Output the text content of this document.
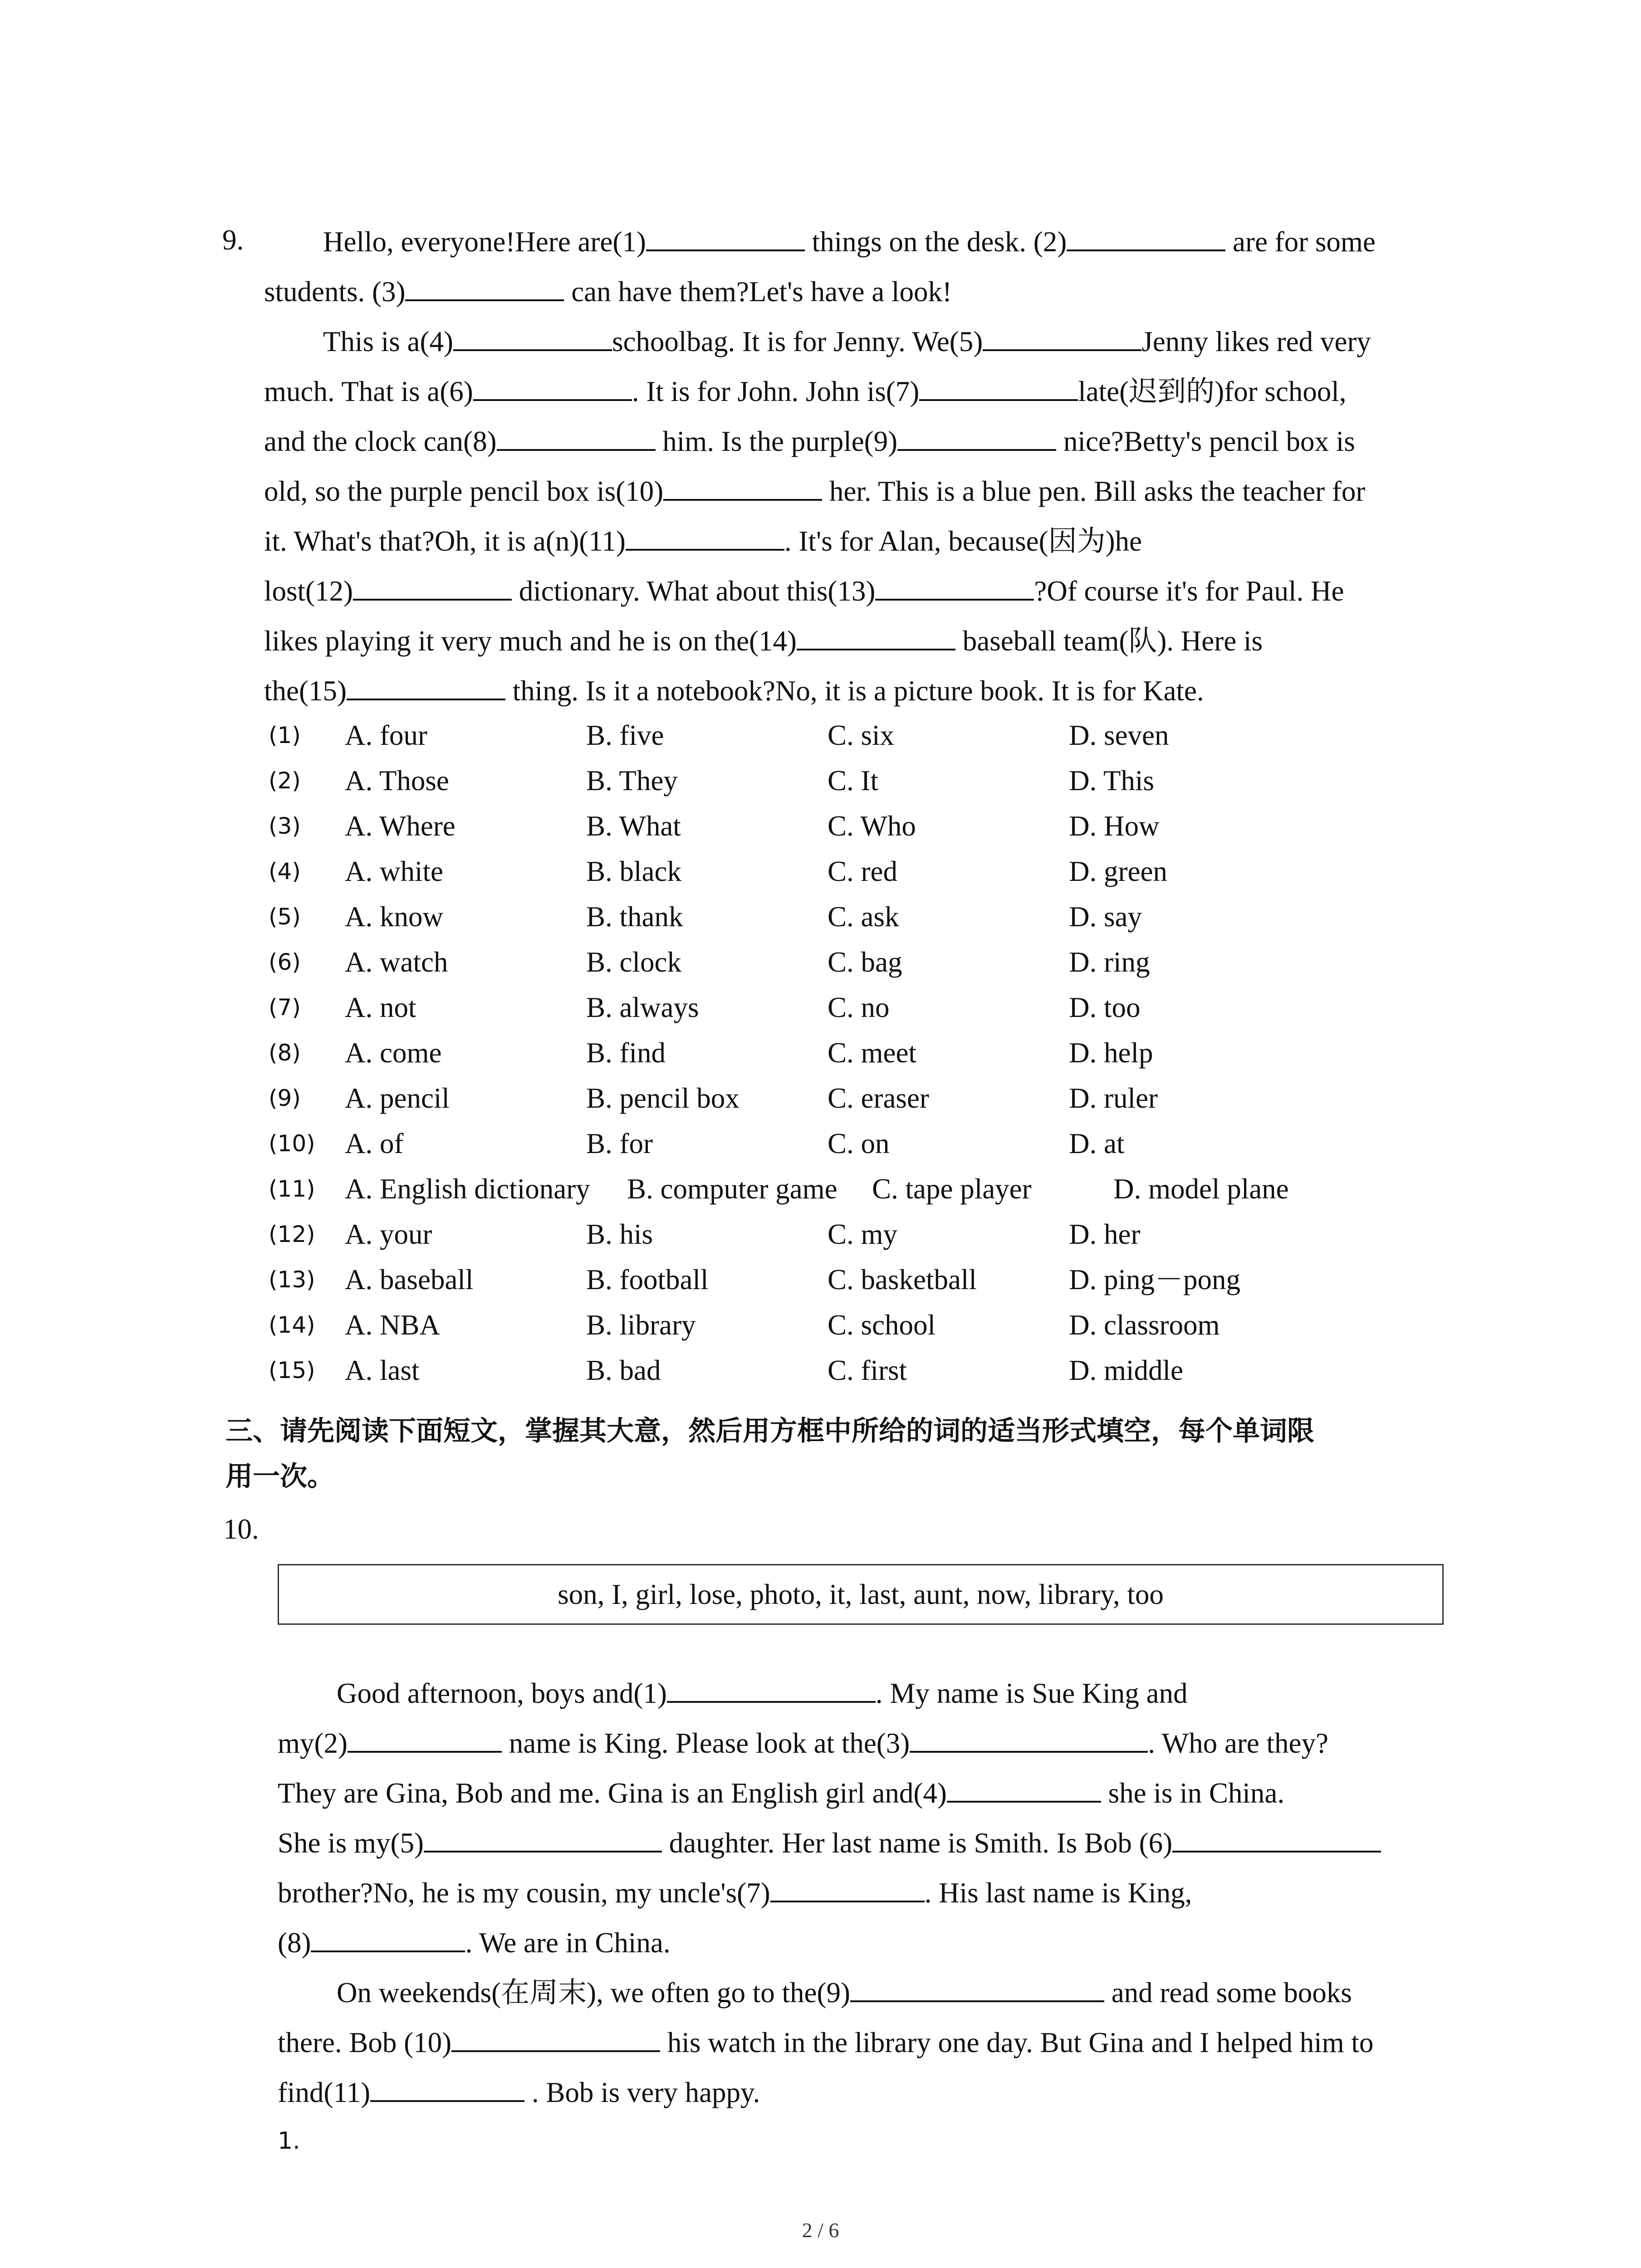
9.	Hello, everyone!Here are(1)	things on the desk. (2)	are for some
students. (3)	can have them?Let's have a look!
This is a(4)	schoolbag. It is for Jenny. We(5)	Jenny likes red very
much. That is a(6)	. It is for John. John is(7)	late(迟到的)for school,
and the clock can(8)	him. Is the purple(9)	nice?Betty's pencil box is
old, so the purple pencil box is(10)	her. This is a blue pen. Bill asks the teacher for
it. What's that?Oh, it is a(n)(11)	. It's for Alan, because(因为)he
lost(12)	dictionary. What about this(13)	?Of course it's for Paul. He
likes playing it very much and he is on the(14)	baseball team(队). Here is
the(15)	thing. Is it a notebook?No, it is a picture book. It is for Kate.
(1) A. four	B. five	C. six	D. seven
(2) A. Those	B. They	C. It	D. This
(3) A. Where	B. What	C. Who	D. How
(4) A. white	B. black	C. red	D. green
(5) A. know	B. thank	C. ask	D. say
(6) A. watch	B. clock	C. bag	D. ring
(7) A. not	B. always	C. no	D. too
(8) A. come	B. find	C. meet	D. help
(9) A. pencil	B. pencil box	C. eraser	D. ruler
(10) A. of	B. for	C. on	D. at
(11) A. English dictionary B. computer game C. tape player	D. model plane
(12) A. your	B. his	C. my	D. her
(13) A. baseball	B. football	C. basketball	D. ping－pong
(14) A. NBA	B. library	C. school	D. classroom
(15) A. last	B. bad	C. first	D. middle
三、请先阅读下面短文，掌握其大意，然后用方框中所给的词的适当形式填空，每个单词限
用一次。
10.
son, I, girl, lose, photo, it, last, aunt, now, library, too
Good afternoon, boys and(1)	. My name is Sue King and
my(2)	name is King. Please look at the(3)	. Who are they?
They are Gina, Bob and me. Gina is an English girl and(4)	she is in China.
She is my(5)	daughter. Her last name is Smith. Is Bob (6)
brother?No, he is my cousin, my uncle's(7)	. His last name is King,
(8)	. We are in China.
On weekends(在周末), we often go to the(9)	and read some books
there. Bob (10)	his watch in the library one day. But Gina and I helped him to
find(11)	. Bob is very happy.
1.
2 / 6
